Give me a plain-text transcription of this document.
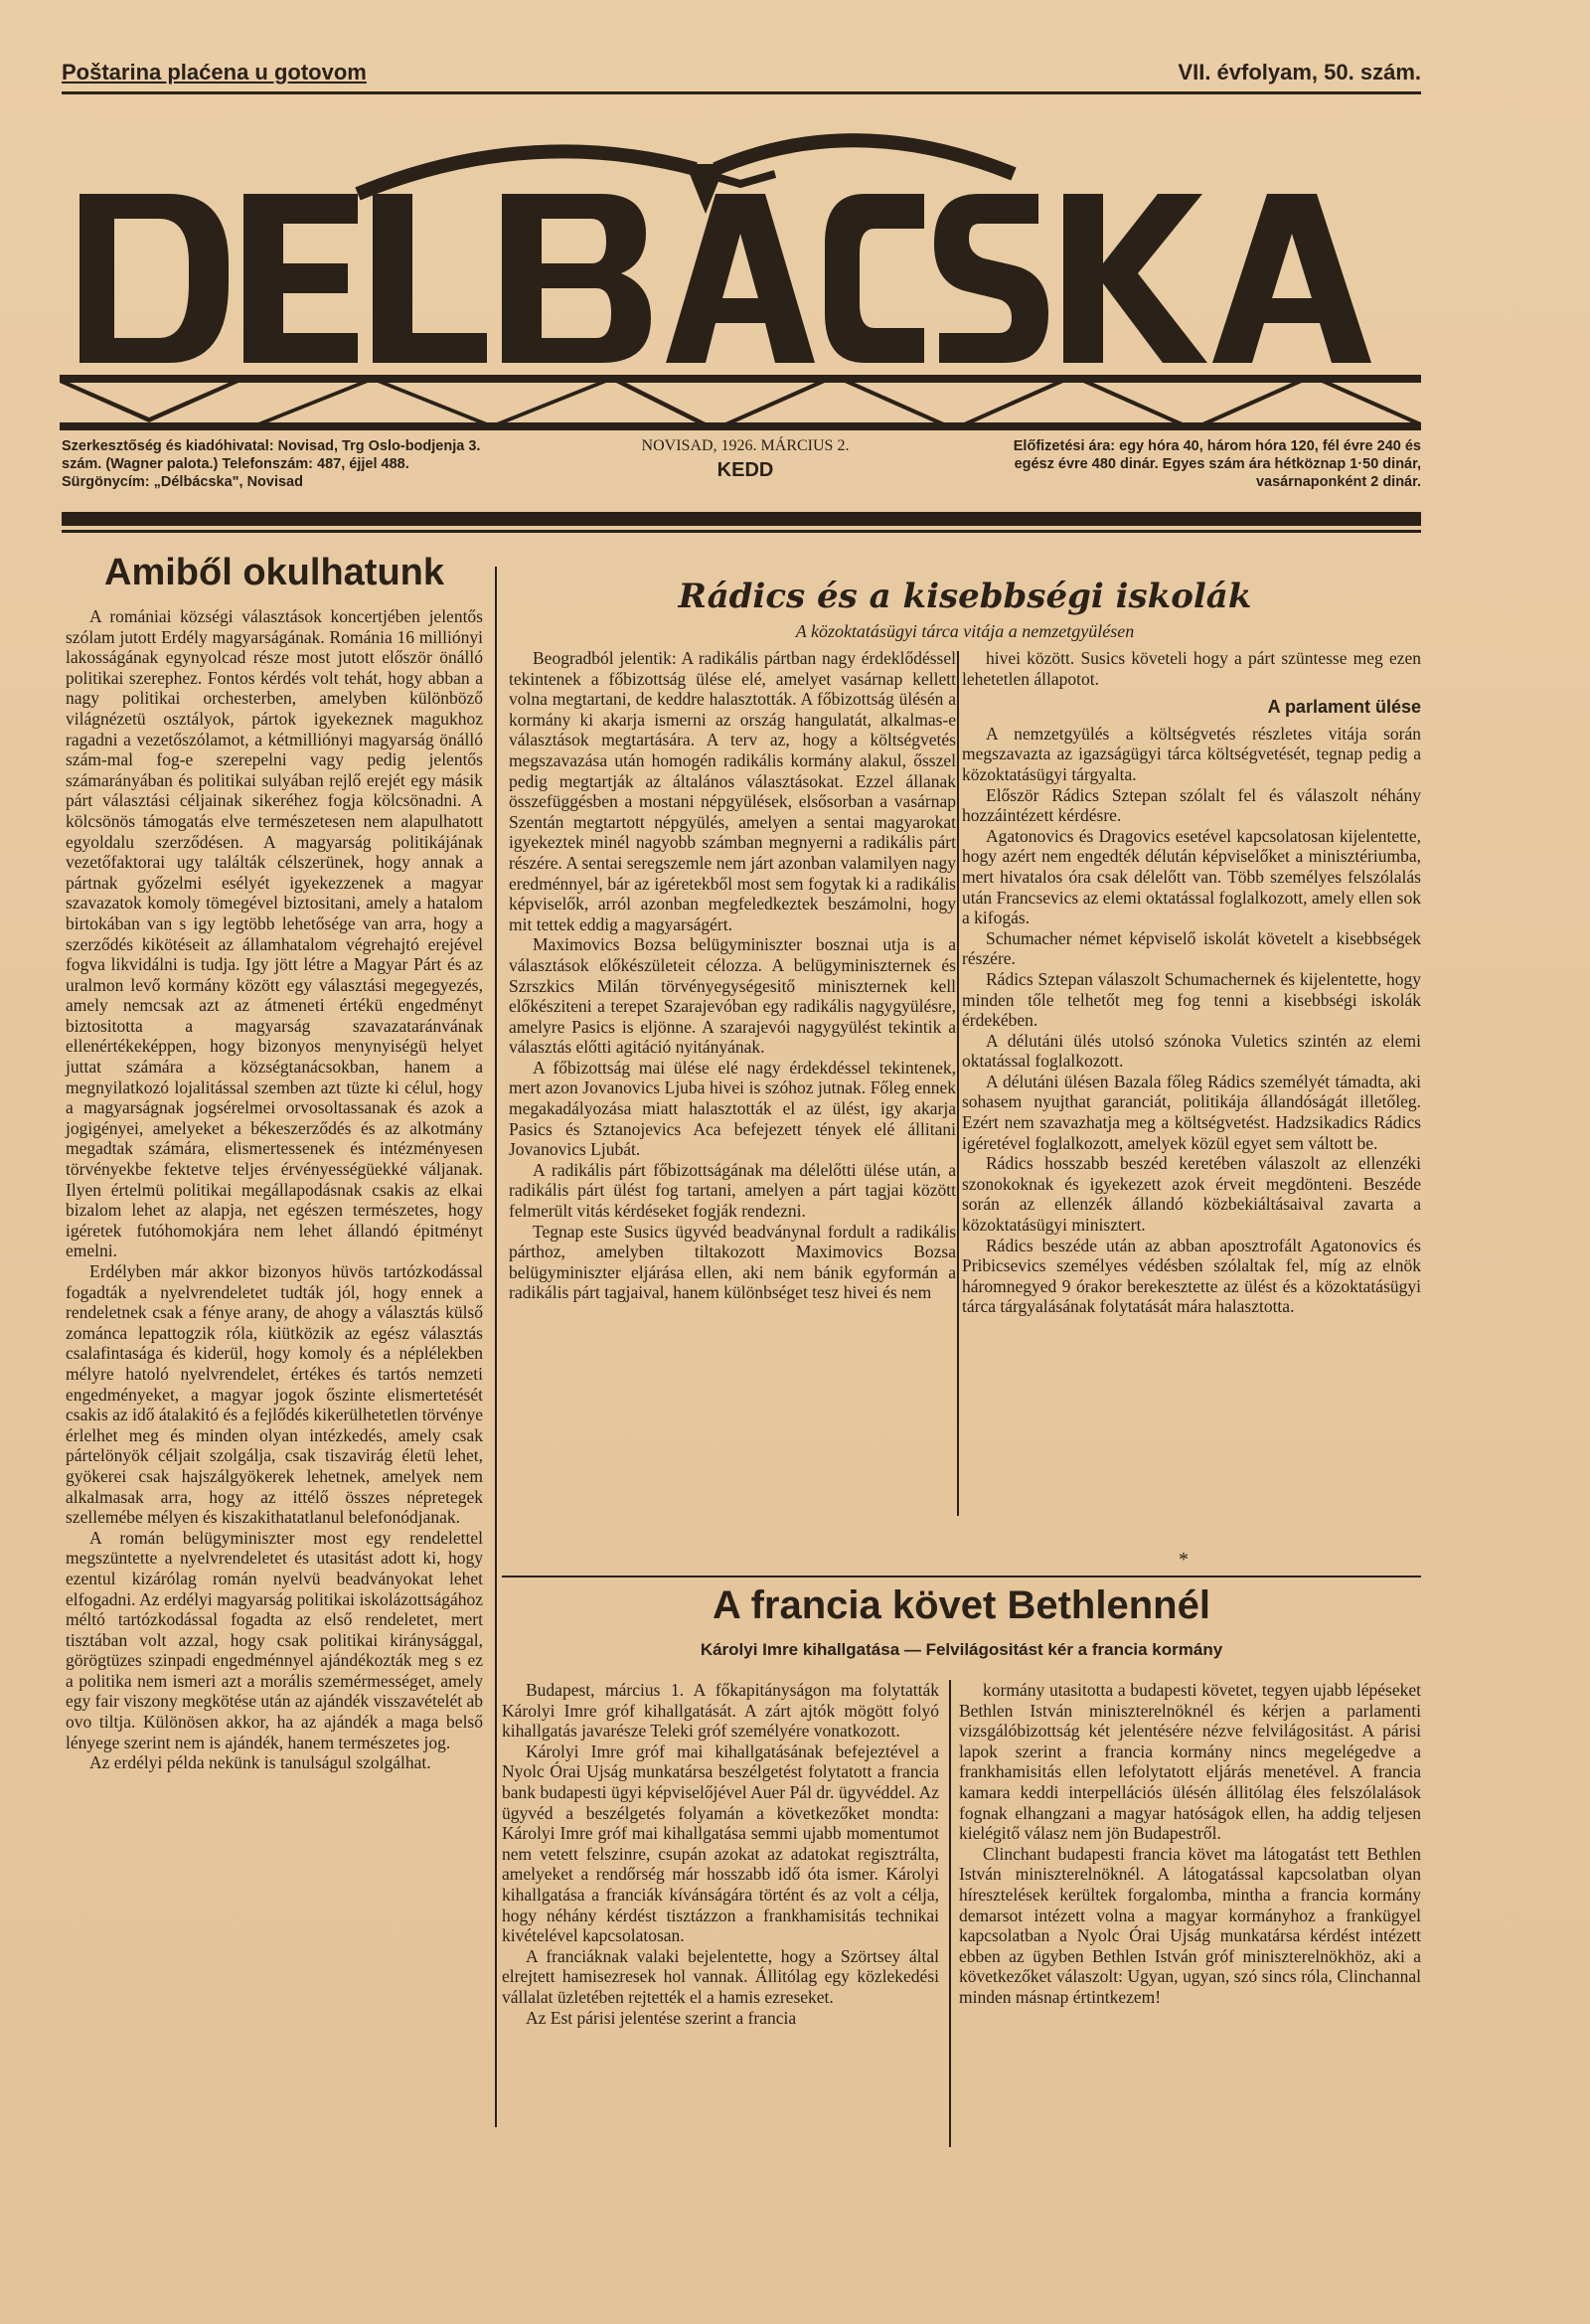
Poštarina plaćena u gotovom	VII. évfolyam, 50. szám.
Szerkesztőség és kiadóhivatal: Novisad, Trg Oslo-bodjenja 3. szám. (Wagner palota.) Telefonszám: 487, éjjel 488. Sürgönycím: „Délbácska", Novisad
NOVISAD, 1926. MÁRCIUS 2.
KEDD
Előfizetési ára: egy hóra 40, három hóra 120, fél évre 240 és egész évre 480 dinár. Egyes szám ára hétköznap 1·50 dinár, vasárnaponként 2 dinár.
Amiből okulhatunk

A romániai községi választások koncertjében jelentős szólam jutott Erdély magyarságának. Románia 16 milliónyi lakosságának egynyolcad része most jutott először önálló politikai szerephez. Fontos kérdés volt tehát, hogy abban a nagy politikai orchesterben, amelyben különböző világnézetü osztályok, pártok igyekeznek magukhoz ragadni a vezetőszólamot, a kétmilliónyi magyarság önálló szám-mal fog-e szerepelni vagy pedig jelentős számarányában és politikai sulyában rejlő erejét egy másik párt választási céljainak sikeréhez fogja kölcsönadni. A kölcsönös támogatás elve természetesen nem alapulhatott egyoldalu szerződésen. A magyarság politikájának vezetőfaktorai ugy találták célszerünek, hogy annak a pártnak győzelmi esélyét igyekezzenek a magyar szavazatok komoly tömegével biztositani, amely a hatalom birtokában van s igy legtöbb lehetősége van arra, hogy a szerződés kikötéseit az államhatalom végrehajtó erejével fogva likvidálni is tudja. Igy jött létre a Magyar Párt és az uralmon levő kormány között egy választási megegyezés, amely nemcsak azt az átmeneti értékü engedményt biztositotta a magyarság szavazataránvának ellenértékeképpen, hogy bizonyos menynyiségü helyet juttat számára a községtanácsokban, hanem a megnyilatkozó lojalitással szemben azt tüzte ki célul, hogy a magyarságnak jogsérelmei orvosoltassanak és azok a jogigényei, amelyeket a békeszerződés és az alkotmány megadtak számára, elismertessenek és intézményesen törvényekbe fektetve teljes érvényességüekké váljanak. Ilyen értelmü politikai megállapodásnak csakis az elkai bizalom lehet az alapja, net egészen természetes, hogy igéretek futóhomokjára nem lehet állandó épitményt emelni.

Erdélyben már akkor bizonyos hüvös tartózkodással fogadták a nyelvrendeletet tudták jól, hogy ennek a rendeletnek csak a fénye arany, de ahogy a választás külső zománca lepattogzik róla, kiütközik az egész választás csalafintasága és kiderül, hogy komoly és a néplélekben mélyre hatoló nyelvrendelet, értékes és tartós nemzeti engedményeket, a magyar jogok őszinte elismertetését csakis az idő átalakitó és a fejlődés kikerülhetetlen törvénye érlelhet meg és minden olyan intézkedés, amely csak pártelönyök céljait szolgálja, csak tiszavirág életü lehet, gyökerei csak hajszálgyökerek lehetnek, amelyek nem alkalmasak arra, hogy az ittélő összes népretegek szellemébe mélyen és kiszakithatatlanul belefonódjanak.

A román belügyminiszter most egy rendelettel megszüntette a nyelvrendeletet és utasitást adott ki, hogy ezentul kizárólag román nyelvü beadványokat lehet elfogadni. Az erdélyi magyarság politikai iskolázottságához méltó tartózkodással fogadta az első rendeletet, mert tisztában volt azzal, hogy csak politikai kiránysággal, görögtüzes szinpadi engedménnyel ajándékozták meg s ez a politika nem ismeri azt a morális szemérmességet, amely egy fair viszony megkötése után az ajándék visszavételét ab ovo tiltja. Különösen akkor, ha az ajándék a maga belső lényege szerint nem is ajándék, hanem természetes jog.

Az erdélyi példa nekünk is tanulságul szolgálhat.

Rádics és a kisebbségi iskolák
A közoktatásügyi tárca vitája a nemzetgyülésen

Beogradból jelentik: A radikális pártban nagy érdeklődéssel tekintenek a főbizottság ülése elé, amelyet vasárnap kellett volna megtartani, de keddre halasztották. A főbizottság ülésén a kormány ki akarja ismerni az ország hangulatát, alkalmas-e választások megtartására. A terv az, hogy a költségvetés megszavazása után homogén radikális kormány alakul, ősszel pedig megtartják az általános választásokat. Ezzel állanak összefüggésben a mostani népgyülések, elsősorban a vasárnap Szentán megtartott népgyülés, amelyen a sentai magyarokat igyekeztek minél nagyobb számban megnyerni a radikális párt részére. A sentai seregszemle nem járt azonban valamilyen nagy eredménnyel, bár az igéretekből most sem fogytak ki a radikális képviselők, arról azonban megfeledkeztek beszámolni, hogy mit tettek eddig a magyarságért.

Maximovics Bozsa belügyminiszter bosznai utja is a választások előkészületeit célozza. A belügyminiszternek és Szrszkics Milán törvényegységesitő miniszternek kell előkésziteni a terepet Szarajevóban egy radikális nagygyülésre, amelyre Pasics is eljönne. A szarajevói nagygyülést tekintik a választás előtti agitáció nyitányának.

A főbizottság mai ülése elé nagy érdekdéssel tekintenek, mert azon Jovanovics Ljuba hivei is szóhoz jutnak. Főleg ennek megakadályozása miatt halasztották el az ülést, igy akarja Pasics és Sztanojevics Aca befejezett tények elé állitani Jovanovics Ljubát.

A radikális párt főbizottságának ma délelőtti ülése után, a radikális párt ülést fog tartani, amelyen a párt tagjai között felmerült vitás kérdéseket fogják rendezni.

Tegnap este Susics ügyvéd beadványnal fordult a radikális párthoz, amelyben tiltakozott Maximovics Bozsa belügyminiszter eljárása ellen, aki nem bánik egyformán a radikális párt tagjaival, hanem különbséget tesz hivei és nem

hivei között. Susics követeli hogy a párt szüntesse meg ezen lehetetlen állapotot.

A parlament ülése

A nemzetgyülés a költségvetés részletes vitája során megszavazta az igazságügyi tárca költségvetését, tegnap pedig a közoktatásügyi tárgyalta.

Először Rádics Sztepan szólalt fel és válaszolt néhány hozzáintézett kérdésre.

Agatonovics és Dragovics esetével kapcsolatosan kijelentette, hogy azért nem engedték délután képviselőket a minisztériumba, mert hivatalos óra csak délelőtt van. Több személyes felszólalás után Francsevics az elemi oktatással foglalkozott, amely ellen sok a kifogás.

Schumacher német képviselő iskolát követelt a kisebbségek részére.

Rádics Sztepan válaszolt Schumachernek és kijelentette, hogy minden tőle telhetőt meg fog tenni a kisebbségi iskolák érdekében.

A délutáni ülés utolsó szónoka Vuletics szintén az elemi oktatással foglalkozott.

A délutáni ülésen Bazala főleg Rádics személyét támadta, aki sohasem nyujthat garanciát, politikája állandóságát illetőleg. Ezért nem szavazhatja meg a költségvetést. Hadzsikadics Rádics igéretével foglalkozott, amelyek közül egyet sem váltott be.

Rádics hosszabb beszéd keretében válaszolt az ellenzéki szonokoknak és igyekezett azok érveit megdönteni. Beszéde során az ellenzék állandó közbekiáltásaival zavarta a közoktatásügyi minisztert.

Rádics beszéde után az abban aposztrofált Agatonovics és Pribicsevics személyes védésben szólaltak fel, míg az elnök háromnegyed 9 órakor berekesztette az ülést és a közoktatásügyi tárca tárgyalásának folytatását mára halasztotta.

*
A francia követ Bethlennél
Károlyi Imre kihallgatása — Felvilágositást kér a francia kormány

Budapest, március 1. A főkapitányságon ma folytatták Károlyi Imre gróf kihallgatását. A zárt ajtók mögött folyó kihallgatás javarésze Teleki gróf személyére vonatkozott.

Károlyi Imre gróf mai kihallgatásának befejeztével a Nyolc Órai Ujság munkatársa beszélgetést folytatott a francia bank budapesti ügyi képviselőjével Auer Pál dr. ügyvéddel. Az ügyvéd a beszélgetés folyamán a következőket mondta: Károlyi Imre gróf mai kihallgatása semmi ujabb momentumot nem vetett felszinre, csupán azokat az adatokat regisztrálta, amelyeket a rendőrség már hosszabb idő óta ismer. Károlyi kihallgatása a franciák kívánságára történt és az volt a célja, hogy néhány kérdést tisztázzon a frankhamisitás technikai kivételével kapcsolatosan.

A franciáknak valaki bejelentette, hogy a Szörtsey által elrejtett hamisezresek hol vannak. Állitólag egy közlekedési vállalat üzletében rejtették el a hamis ezreseket.

Az Est párisi jelentése szerint a francia

kormány utasitotta a budapesti követet, tegyen ujabb lépéseket Bethlen István miniszterelnöknél és kérjen a parlamenti vizsgálóbizottság két jelentésére nézve felvilágositást. A párisi lapok szerint a francia kormány nincs megelégedve a frankhamisitás ellen lefolytatott eljárás menetével. A francia kamara keddi interpellációs ülésén állitólag éles felszólalások fognak elhangzani a magyar hatóságok ellen, ha addig teljesen kielégitő válasz nem jön Budapestről.

Clinchant budapesti francia követ ma látogatást tett Bethlen István miniszterelnöknél. A látogatással kapcsolatban olyan híresztelések kerültek forgalomba, mintha a francia kormány demarsot intézett volna a magyar kormányhoz a frankügyel kapcsolatban a Nyolc Órai Ujság munkatársa kérdést intézett ebben az ügyben Bethlen István gróf miniszterelnökhöz, aki a következőket válaszolt: Ugyan, ugyan, szó sincs róla, Clinchannal minden másnap értintkezem!
